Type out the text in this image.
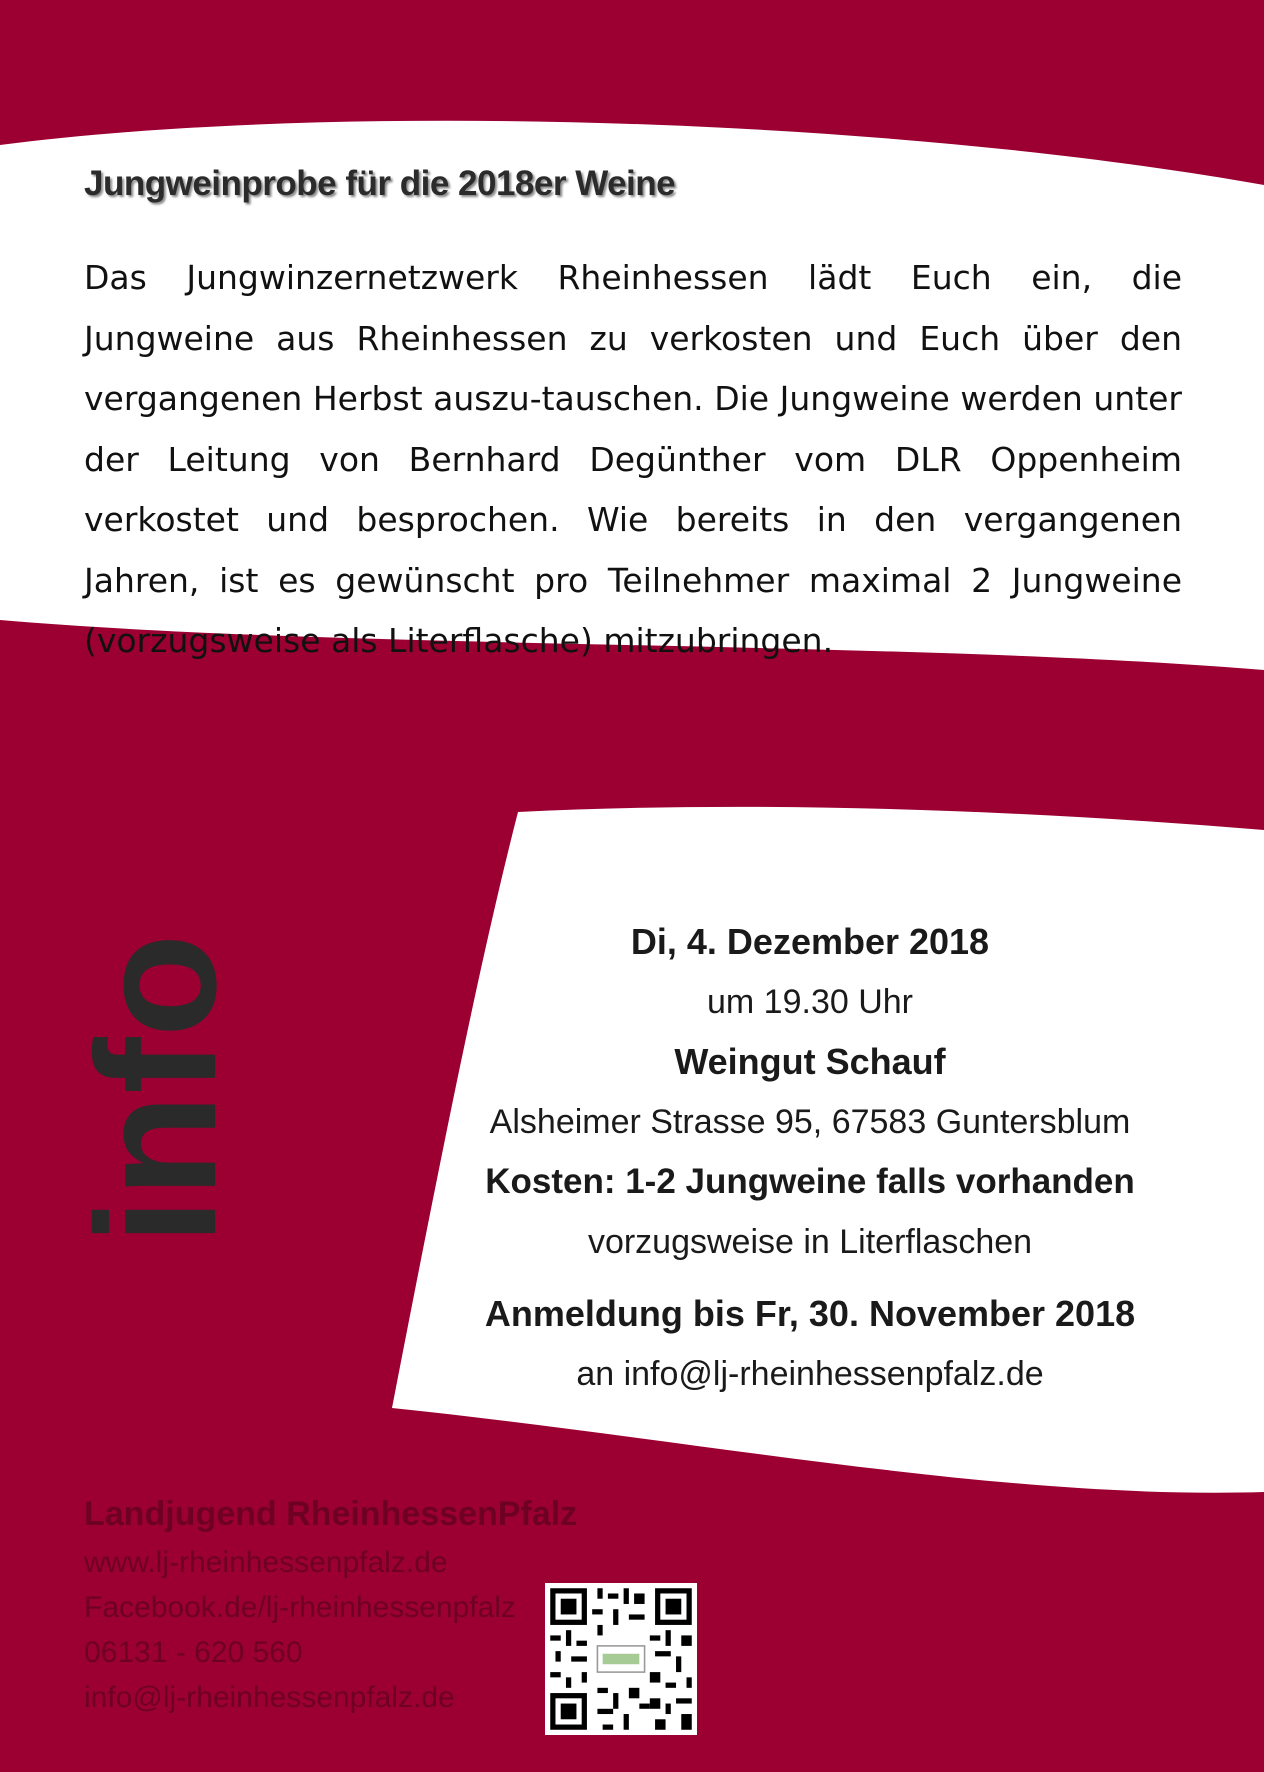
Jungweinprobe für die 2018er Weine
Das Jungwinzernetzwerk Rheinhessen lädt Euch ein, die Jungweine aus Rheinhessen zu verkosten und Euch über den vergangenen Herbst auszu-tauschen. Die Jungweine werden unter der Leitung von Bernhard Degünther vom DLR Oppenheim verkostet und besprochen. Wie bereits in den vergangenen Jahren, ist es gewünscht pro Teilnehmer maximal 2 Jungweine (vorzugsweise als Literflasche) mitzubringen.
info	Di, 4. Dezember 2018
um 19.30 Uhr
Weingut Schauf
Alsheimer Strasse 95, 67583 Guntersblum
Kosten: 1-2 Jungweine falls vorhanden
vorzugsweise in Literflaschen
Anmeldung bis Fr, 30. November 2018
an info@lj-rheinhessenpfalz.de
Landjugend RheinhessenPfalz
www.lj-rheinhessenpfalz.de
Facebook.de/lj-rheinhessenpfalz
06131 - 620 560
info@lj-rheinhessenpfalz.de
